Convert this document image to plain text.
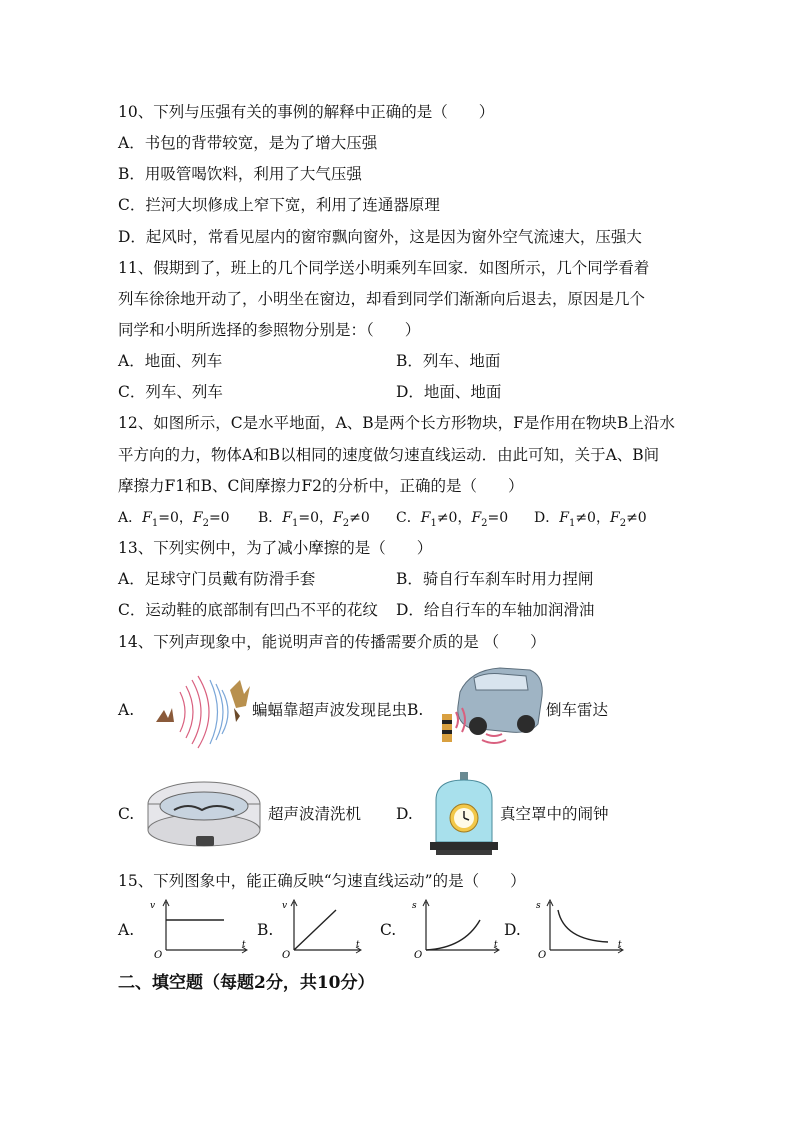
10、下列与压强有关的事例的解释中正确的是（　　）
A．书包的背带较宽，是为了增大压强
B．用吸管喝饮料，利用了大气压强
C．拦河大坝修成上窄下宽，利用了连通器原理
D．起风时，常看见屋内的窗帘飘向窗外，这是因为窗外空气流速大，压强大
11、假期到了，班上的几个同学送小明乘列车回家．如图所示，几个同学看着
列车徐徐地开动了，小明坐在窗边，却看到同学们渐渐向后退去，原因是几个
同学和小明所选择的参照物分别是：（　　）
A．地面、列车	B．列车、地面
C．列车、列车	D．地面、地面
12、如图所示，C是水平地面，A、B是两个长方形物块，F是作用在物块B上沿水
平方向的力，物体A和B以相同的速度做匀速直线运动．由此可知，关于A、B间
摩擦力F1和B、C间摩擦力F2的分析中，正确的是（　　）
A．$F_1=0$，$F_2=0$ B．$F_1=0$，$F_2\ne 0$ C．$F_1\ne 0$，$F_2=0$ D．$F_1\ne 0$，$F_2\ne 0$
13、下列实例中，为了减小摩擦的是（　　）
A．足球守门员戴有防滑手套	B．骑自行车刹车时用力捏闸
C．运动鞋的底部制有凹凸不平的花纹 D．给自行车的车轴加润滑油
14、下列声现象中，能说明声音的传播需要介质的是 （　　）
A.	蝙蝠靠超声波发现昆虫B.	倒车雷达
C.	超声波清洗机 D.	真空罩中的闹钟
15、下列图象中，能正确反映“匀速直线运动”的是（　　）
A.
v
O
t
B.
v
O
t
C.
s
O
t
D.
s
O
t
二、填空题（每题2分，共10分）
